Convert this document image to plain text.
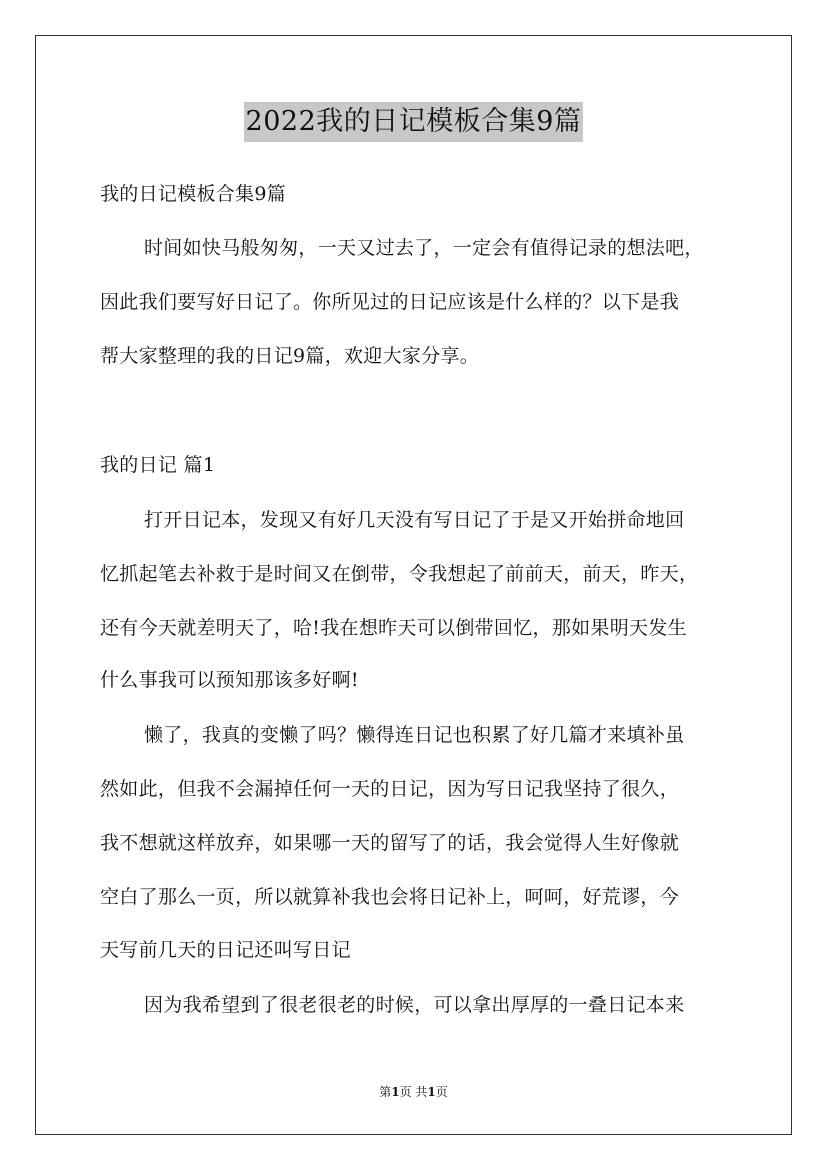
2022我的日记模板合集9篇
我的日记模板合集9篇
时间如快马般匆匆，一天又过去了，一定会有值得记录的想法吧，
因此我们要写好日记了。你所见过的日记应该是什么样的？以下是我
帮大家整理的我的日记9篇，欢迎大家分享。
我的日记 篇1
打开日记本，发现又有好几天没有写日记了于是又开始拼命地回
忆抓起笔去补救于是时间又在倒带，令我想起了前前天，前天，昨天，
还有今天就差明天了，哈!我在想昨天可以倒带回忆，那如果明天发生
什么事我可以预知那该多好啊!
懒了，我真的变懒了吗？懒得连日记也积累了好几篇才来填补虽
然如此，但我不会漏掉任何一天的日记，因为写日记我坚持了很久，
我不想就这样放弃，如果哪一天的留写了的话，我会觉得人生好像就
空白了那么一页，所以就算补我也会将日记补上，呵呵，好荒谬，今
天写前几天的日记还叫写日记
因为我希望到了很老很老的时候，可以拿出厚厚的一叠日记本来
第1页 共1页
